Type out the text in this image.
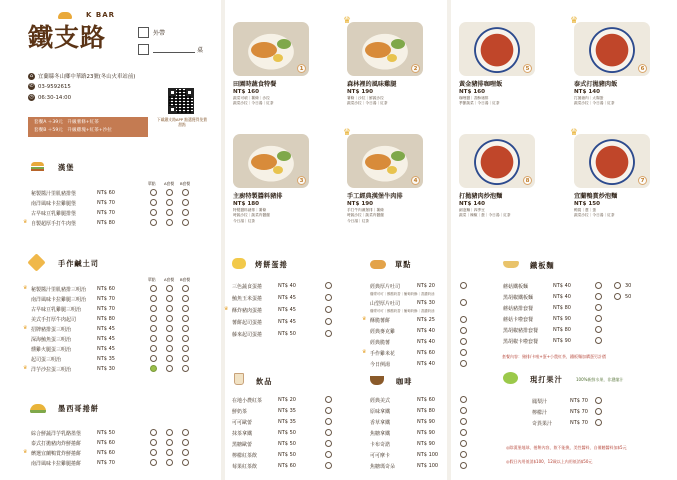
K BAR
鐵支路	外帶
桌
⌂ 宜蘭縣冬山鄉中華路23號(冬山火車站前)
✆ 03-9592615
◷ 06:30-14:00
下載鐵支路APP 點選獲得免費甜點
套餐A ＋39元　升級薯條+紅茶
套餐B ＋59元　升級雞塊+紅茶+沙拉
1
田園時蔬食特餐
NT$ 160
蔬菜可頌｜薯條｜沙拉
蔬菜沙拉｜今日湯｜紅茶
2
♛
森林裡的風味雞腿
NT$ 190
薯條｜沙拉｜鮮蔬沙拉
蔬菜沙拉｜今日湯｜紅茶
5
黃金豬排咖哩飯
NT$ 160
咖哩醬｜香酥豬排
季節蔬菜｜今日湯｜紅茶
6
♛
泰式打拋豬肉飯
NT$ 140
打拋豬肉｜太陽蛋
蔬菜沙拉｜今日湯｜紅茶
3
主廚特製醬料豬排
NT$ 180
特製醬料豬排｜薯條
時蔬沙拉｜蔬菜肉醬盤
今日湯｜紅茶
4
♛
手工經典漢堡牛肉排
NT$ 190
手打牛肉漢堡排｜薯條
時蔬沙拉｜蔬菜肉醬盤
今日湯｜紅茶
8
打拋豬肉炒泡麵
NT$ 140
細泡麵｜四季豆
蔬菜｜辣椒｜蛋｜今日湯｜紅茶
7
♛
宜蘭鴨賞炒泡麵
NT$ 150
鴨賞｜蔥｜蛋
蔬菜沙拉｜今日湯｜紅茶
漢堡
單點 A套餐 B套餐
秘製醬汁里肌豬排堡	NT$ 60
南洋風味卡拉雞腿堡	NT$ 70
古早味豆乳雞腿排堡	NT$ 70
自製超厚手打牛肉堡	NT$ 80
♛
手作鹹土司
單點 A套餐 B套餐
秘製醬汁里肌豬排三明治 NT$ 60
♛
南洋風味卡拉雞腿三明治 NT$ 70
古早味豆乳雞腿三明治	NT$ 70
美式手打厚牛肉起司	NT$ 80
招牌豬排蛋三明治	NT$ 45
♛
深海鮪魚蛋三明治	NT$ 45
燻雞火腿蛋三明治	NT$ 45
起司蛋三明治	NT$ 35
洋芋沙拉蛋三明治	NT$ 30
♛
墨西哥捲餅
綜合鮮蔬洋芋乳酪墨堡	NT$ 50
泰式打拋豬肉炸鮮捲餅	NT$ 60
繽選宜蘭鴨賞炸鮮捲餅	NT$ 60
♛
南洋風味卡拉雞腿捲餅	NT$ 70
烤餅蛋捲
三色蔬食蛋捲	NT$ 40
鮪魚玉米蛋捲	NT$ 45
酥炸豬肉蛋捲	NT$ 45
♛
薯餅起司蛋捲	NT$ 45
藤來起司蛋捲	NT$ 50
單點
經典厚片吐司	NT$ 20
爆漿可可｜醇酪奶香｜葡萄奶酥｜香濃奶油
山型厚片吐司	NT$ 30
爆漿可可｜醇酪奶香｜葡萄奶酥｜香濃奶油
酥脆薯餅	NT$ 25
♛
經典麥克雞	NT$ 40
經典脆薯	NT$ 40
手作雞米花	NT$ 60
♛
今日例湯	NT$ 40
飲品
在地小農紅茶	NT$ 20
鮮奶茶	NT$ 35
可可歐蕾	NT$ 35
抹茶拿鐵	NT$ 50
黑糖歐蕾	NT$ 50
檸檬紅茶飲	NT$ 50
莓果紅茶飲	NT$ 60
咖啡
經典美式	NT$ 60
原味拿鐵	NT$ 80
香草拿鐵	NT$ 90
焦糖拿鐵	NT$ 90
卡布奇諾	NT$ 90
可可摩卡	NT$ 100
焦糖瑪奇朵	NT$ 100
鐵板麵
蘑菇鐵板麵	NT$ 40
黑胡椒鐵板麵	NT$ 40
蘑菇豬排套餐	NT$ 80
蘑菇卡啦套餐	NT$ 90
黑胡椒豬排套餐	NT$ 80
黑胡椒卡啦套餐	NT$ 90
30
50
套餐內容：豬排/卡啦+蛋+小農紅茶，鐵板麵加購蛋另計價
現打果汁	100%新鮮水果，非濃縮汁
鳳梨汁	NT$ 70
檸檬汁	NT$ 70
奇異果汁	NT$ 70
◎除漢堡地球、捲餅內容，飲不能換，美性醬料，自備聽醬料加$5元
◎假日內用低消$100，12歲以上內用低消$50元
